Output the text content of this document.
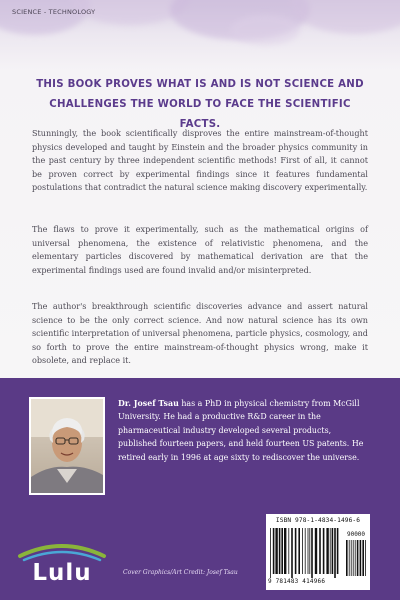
SCIENCE - TECHNOLOGY

THIS BOOK PROVES WHAT IS AND IS NOT SCIENCE AND CHALLENGES THE WORLD TO FACE THE SCIENTIFIC FACTS.

Stunningly, the book scientifically disproves the entire mainstream-of-thought physics developed and taught by Einstein and the broader physics community in the past century by three independent scientific methods! First of all, it cannot be proven correct by experimental findings since it features fundamental postulations that contradict the natural science making discovery experimentally.

The flaws to prove it experimentally, such as the mathematical origins of universal phenomena, the existence of relativistic phenomena, and the elementary particles discovered by mathematical derivation are that the experimental findings used are found invalid and/or misinterpreted.

The author's breakthrough scientific discoveries advance and assert natural science to be the only correct science. And now natural science has its own scientific interpretation of universal phenomena, particle physics, cosmology, and so forth to prove the entire mainstream-of-thought physics wrong, make it obsolete, and replace it.

Dr. Josef Tsau has a PhD in physical chemistry from McGill University. He had a productive R&D career in the pharmaceutical industry developed several products, published fourteen papers, and held fourteen US patents. He retired early in 1996 at age sixty to rediscover the universe.

Lulu	Cover Graphics/Art Credit: Josef Tsau

ISBN 978-1-4834-1496-6
90000
9 781483 414966
